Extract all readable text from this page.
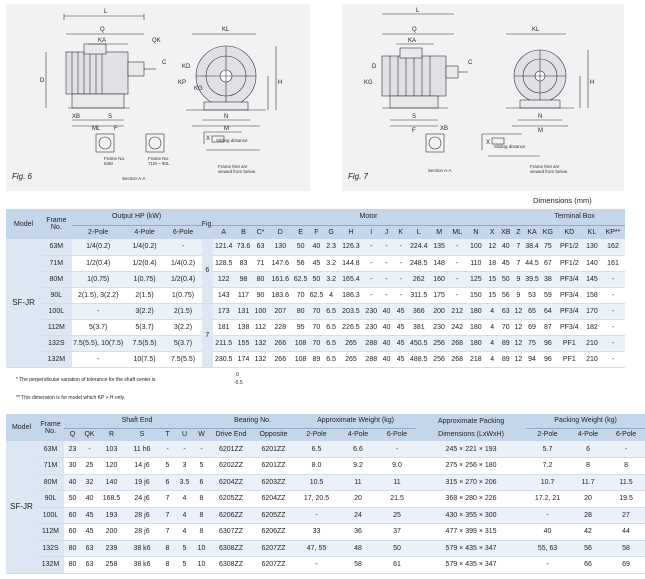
L
Q
KA	QK
KL
C
KD
KP
D	H
N
M
XB	S
ML F
KG
X
Frame No.
63M
Frame No.
71M ~ 90L
Section A-A
Sliding distance
Frame feet are
viewed from below
Fig. 6
L
Q
KA
KG
KL
C
D
H
N
M
S
F
X
XB
Section A-A
Sliding distance
Frame feet are
viewed from below
Fig. 7
Dimensions (mm)
Model	Frame No.	Output HP (kW)			Fig.	Motor																		Terminal Box				
		2-Pole	4-Pole	6-Pole		A	B	C*	D	E	F	G	H	I	J	K	L	M	ML	N	X	XB	Z	KA	KG	KD	KL	KP**
SF-JR	63M	1/4(0.2)	1/4(0.2)	-	6	121.4	73.6	63	130	50	40	2.3	126.3	-	-	-	224.4	135	-	100	12	40	7	38.4	75	PF1/2	130	162
	71M	1/2(0.4)	1/2(0.4)	1/4(0.2)		128.5	83	71	147.6	56	45	3.2	144.8	-	-	-	248.5	148	-	110	18	45	7	44.5	67	PF1/2	140	161
	80M	1(0.75)	1(0.75)	1/2(0.4)		122	98	80	161.6	62.5	50	3.2	165.4	-	-	-	262	160	-	125	15	50	9	39.5	38	PF3/4	145	-
	90L	2(1.5), 3(2.2)	2(1.5)	1(0.75)		143	117	90	183.6	70	62.5	4	186.3	-	-	-	311.5	175	-	150	15	56	9	53	59	PF3/4	158	-
	100L	-	3(2.2)	2(1.5)	7	173	131	100	207	80	70	6.5	203.5	230	40	45	366	200	212	180	4	63	12	65	64	PF3/4	170	-
	112M	5(3.7)	5(3.7)	3(2.2)		181	138	112	228	95	70	6.5	226.5	230	40	45	381	230	242	180	4	70	12	69	87	PF3/4	182	-
	132S	7.5(5.5), 10(7.5)	7.5(5.5)	5(3.7)		211.5	155	132	266	108	70	6.5	265	288	40	45	450.5	256	268	180	4	89	12	75	96	PF1	210	-
	132M	-	10(7.5)	7.5(5.5)		230.5	174	132	266	108	89	6.5	265	288	40	45	488.5	256	268	218	4	89	12	94	96	PF1	210	-
* The perpendicular variation of tolerance for the shaft center is
0
-0.5
** This dimension is for model which KP > H only.
Model	Frame No.	Shaft End							Bearing No.		Approximate Weight (kg)			Approximate Packing	Packing Weight (kg)		
		Q	QK	R	S	T	U	W	Drive End	Opposite	2-Pole	4-Pole	6-Pole	Dimensions (LxWxH)	2-Pole	4-Pole	6-Pole
SF-JR	63M	23	-	103	11 h6	-	-	-	6201ZZ	6201ZZ	6.5	6.6	-	245 × 221 × 193	5.7	6	-
	71M	30	25	120	14 j6	5	3	5	6202ZZ	6201ZZ	8.0	9.2	9.0	275 × 256 × 180	7.2	8	8
	80M	40	32	140	19 j6	6	3.5	6	6204ZZ	6203ZZ	10.5	11	11	315 × 270 × 206	10.7	11.7	11.5
	90L	50	40	168.5	24 j6	7	4	8	6205ZZ	6204ZZ	17, 20.5	20	21.5	368 × 280 × 226	17.2, 21	20	19.5
	100L	60	45	193	28 j6	7	4	8	6206ZZ	6205ZZ	-	24	25	430 × 355 × 300	-	28	27
	112M	60	45	200	28 j6	7	4	8	6307ZZ	6206ZZ	33	36	37	477 × 399 × 315	40	42	44
	132S	80	63	239	38 k6	8	5	10	6308ZZ	6207ZZ	47, 55	48	50	579 × 435 × 347	55, 63	56	58
	132M	80	63	258	38 k6	8	5	10	6308ZZ	6207ZZ	-	58	61	579 × 435 × 347	-	66	69
